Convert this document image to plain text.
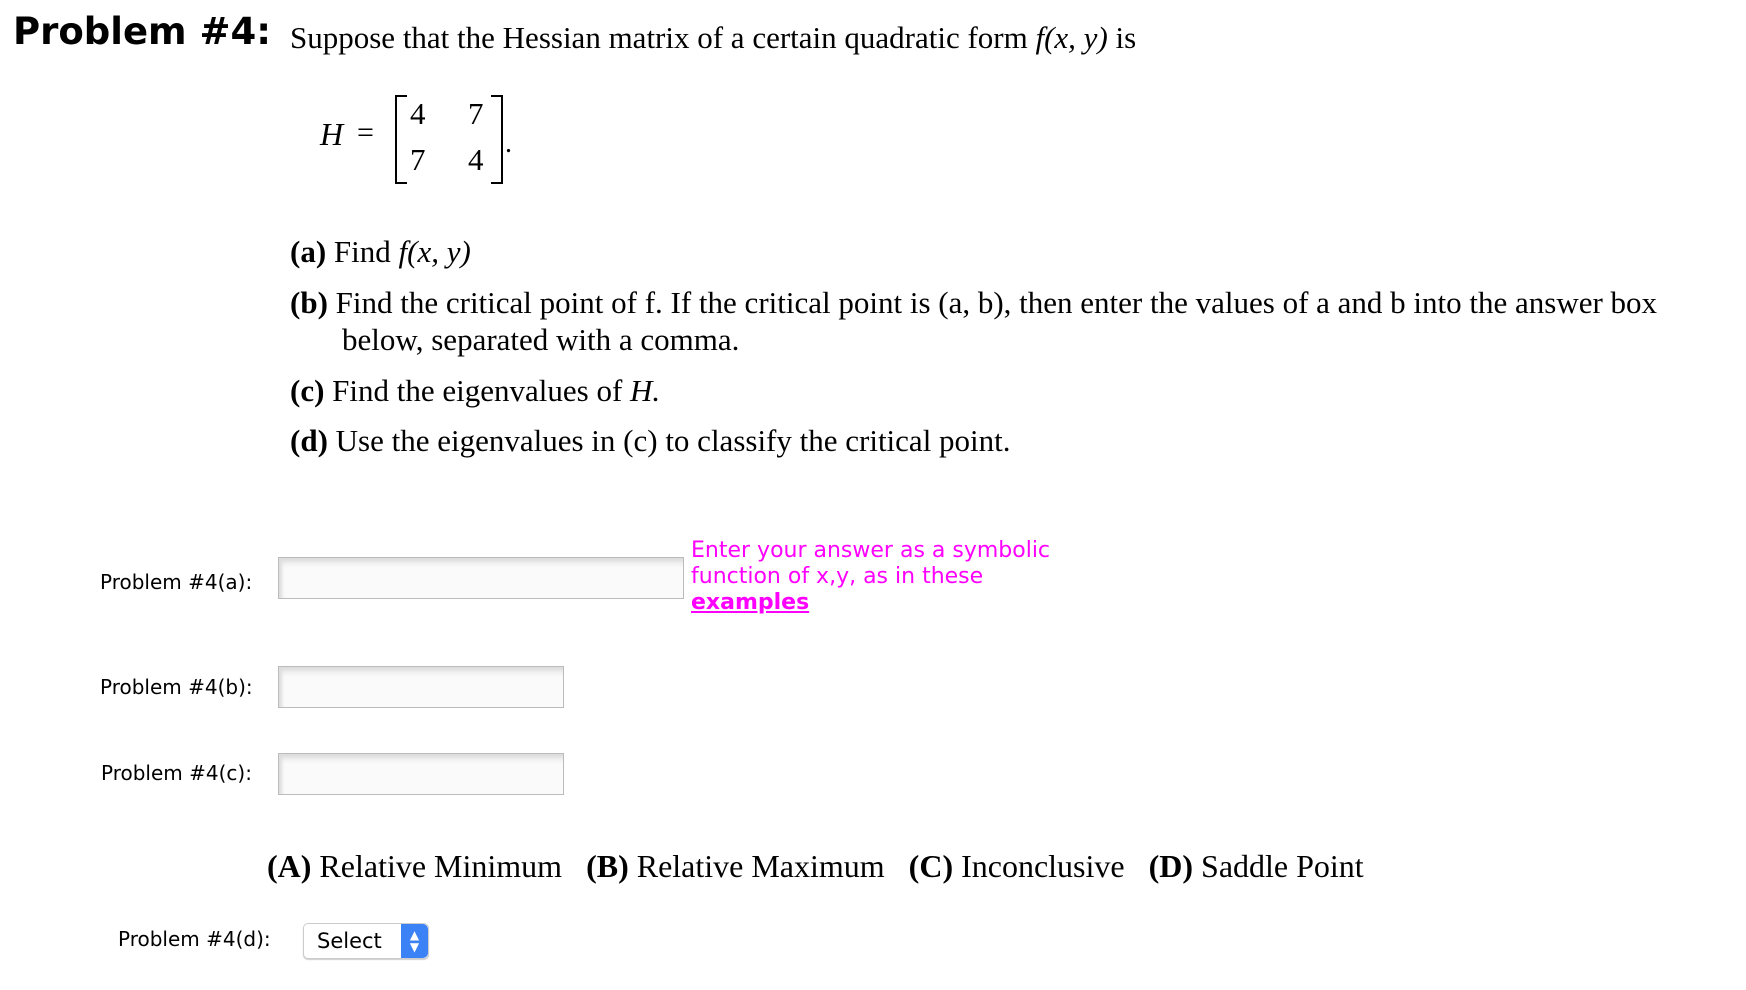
Problem #4: Suppose that the Hessian matrix of a certain quadratic form f(x, y) is
H =
4 7
7 4 .
(a) Find f(x, y)
(b) Find the critical point of f. If the critical point is (a, b), then enter the values of a and b into the answer box
below, separated with a comma.
(c) Find the eigenvalues of H.
(d) Use the eigenvalues in (c) to classify the critical point.
Problem #4(a):
Enter your answer as a symbolic
function of x,y, as in these
examples
Problem #4(b):
Problem #4(c):
(A) Relative Minimum (B) Relative Maximum (C) Inconclusive (D) Saddle Point
Problem #4(d): Select	▲
▼
